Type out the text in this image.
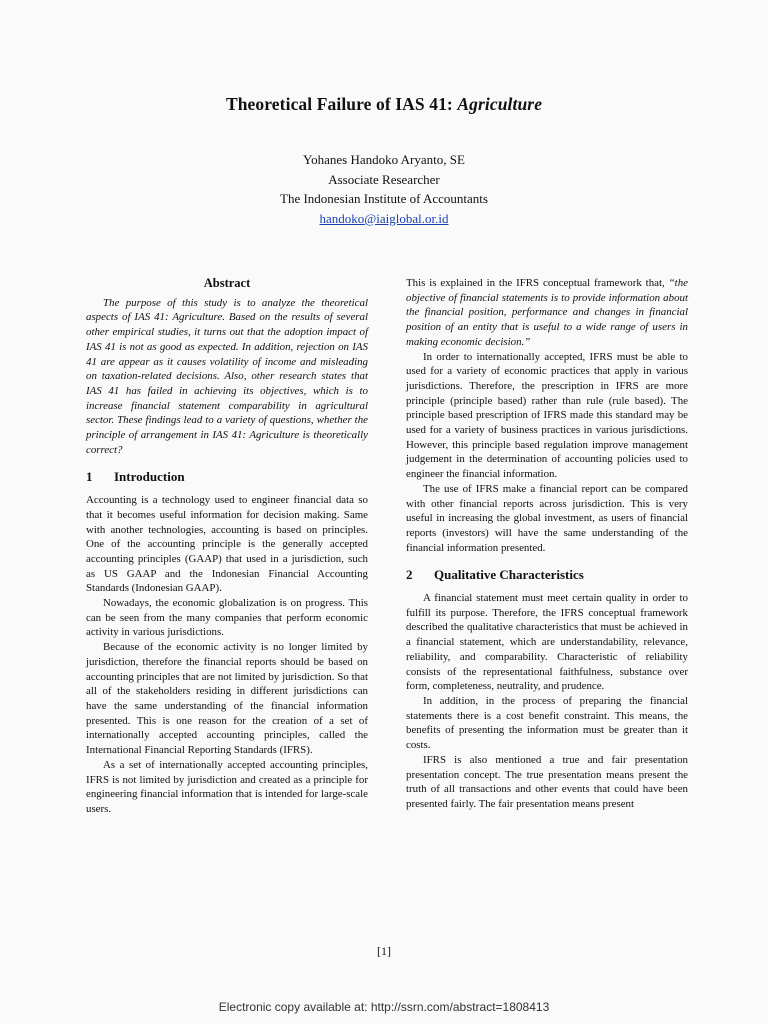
Theoretical Failure of IAS 41: Agriculture
Yohanes Handoko Aryanto, SE
Associate Researcher
The Indonesian Institute of Accountants
handoko@iaiglobal.or.id
Abstract

The purpose of this study is to analyze the theoretical aspects of IAS 41: Agriculture. Based on the results of several other empirical studies, it turns out that the adoption impact of IAS 41 is not as good as expected. In addition, rejection on IAS 41 are appear as it causes volatility of income and misleading on taxation-related decisions. Also, other research states that IAS 41 has failed in achieving its objectives, which is to increase financial statement comparability in agricultural sector. These findings lead to a variety of questions, whether the principle of arrangement in IAS 41: Agriculture is theoretically correct?

1 Introduction

Accounting is a technology used to engineer financial data so that it becomes useful information for decision making. Same with another technologies, accounting is based on principles. One of the accounting principle is the generally accepted accounting principles (GAAP) that used in a jurisdiction, such as US GAAP and the Indonesian Financial Accounting Standards (Indonesian GAAP).

Nowadays, the economic globalization is on progress. This can be seen from the many companies that perform economic activity in various jurisdictions.

Because of the economic activity is no longer limited by jurisdiction, therefore the financial reports should be based on accounting principles that are not limited by jurisdiction. So that all of the stakeholders residing in different jurisdictions can have the same understanding of the financial information presented. This is one reason for the creation of a set of internationally accepted accounting principles, called the International Financial Reporting Standards (IFRS).

As a set of internationally accepted accounting principles, IFRS is not limited by jurisdiction and created as a principle for engineering financial information that is intended for large-scale users.

This is explained in the IFRS conceptual framework that, “the objective of financial statements is to provide information about the financial position, performance and changes in financial position of an entity that is useful to a wide range of users in making economic decision.”

In order to internationally accepted, IFRS must be able to used for a variety of economic practices that apply in various jurisdictions. Therefore, the prescription in IFRS are more principle (principle based) rather than rule (rule based). The principle based prescription of IFRS made this standard may be used for a variety of business practices in various jurisdictions. However, this principle based regulation improve management judgement in the determination of accounting policies used to engineer the financial information.

The use of IFRS make a financial report can be compared with other financial reports across jurisdiction. This is very useful in increasing the global investment, as users of financial reports (investors) will have the same understanding of the financial information presented.

2 Qualitative Characteristics

A financial statement must meet certain quality in order to fulfill its purpose. Therefore, the IFRS conceptual framework described the qualitative characteristics that must be achieved in a financial statement, which are understandability, relevance, reliability, and comparability. Characteristic of reliability consists of the representational faithfulness, substance over form, completeness, neutrality, and prudence.

In addition, in the process of preparing the financial statements there is a cost benefit constraint. This means, the benefits of presenting the information must be greater than it costs.

IFRS is also mentioned a true and fair presentation presentation concept. The true presentation means present the truth of all transactions and other events that could have been presented fairly. The fair presentation means present

[1]
Electronic copy available at: http://ssrn.com/abstract=1808413
